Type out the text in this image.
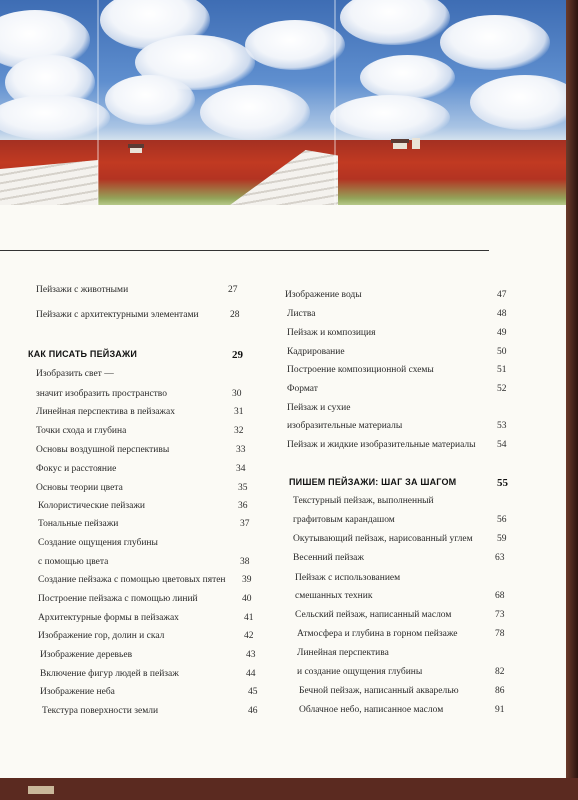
Пейзажи с животными	27
Пейзажи с архитектурными элементами	28
КАК ПИСАТЬ ПЕЙЗАЖИ	29
Изобразить свет —
значит изобразить пространство	30
Линейная перспектива в пейзажах	31
Точки схода и глубина	32
Основы воздушной перспективы	33
Фокус и расстояние	34
Основы теории цвета	35
Колористические пейзажи	36
Тональные пейзажи	37
Создание ощущения глубины
с помощью цвета	38
Создание пейзажа с помощью цветовых пятен 39
Построение пейзажа с помощью линий	40
Архитектурные формы в пейзажах	41
Изображение гор, долин и скал	42
Изображение деревьев	43
Включение фигур людей в пейзаж	44
Изображение неба	45
Текстура поверхности земли	46
Изображение воды	47
Листва	48
Пейзаж и композиция	49
Кадрирование	50
Построение композиционной схемы	51
Формат	52
Пейзаж и сухие
изобразительные материалы	53
Пейзаж и жидкие изобразительные материалы 54
ПИШЕМ ПЕЙЗАЖИ: ШАГ ЗА ШАГОМ	55
Текстурный пейзаж, выполненный
графитовым карандашом	56
Окутывающий пейзаж, нарисованный углем	59
Весенний пейзаж	63
Пейзаж с использованием
смешанных техник	68
Сельский пейзаж, написанный маслом	73
Атмосфера и глубина в горном пейзаже	78
Линейная перспектива
и создание ощущения глубины	82
Бечной пейзаж, написанный акварелью	86
Облачное небо, написанное маслом	91
